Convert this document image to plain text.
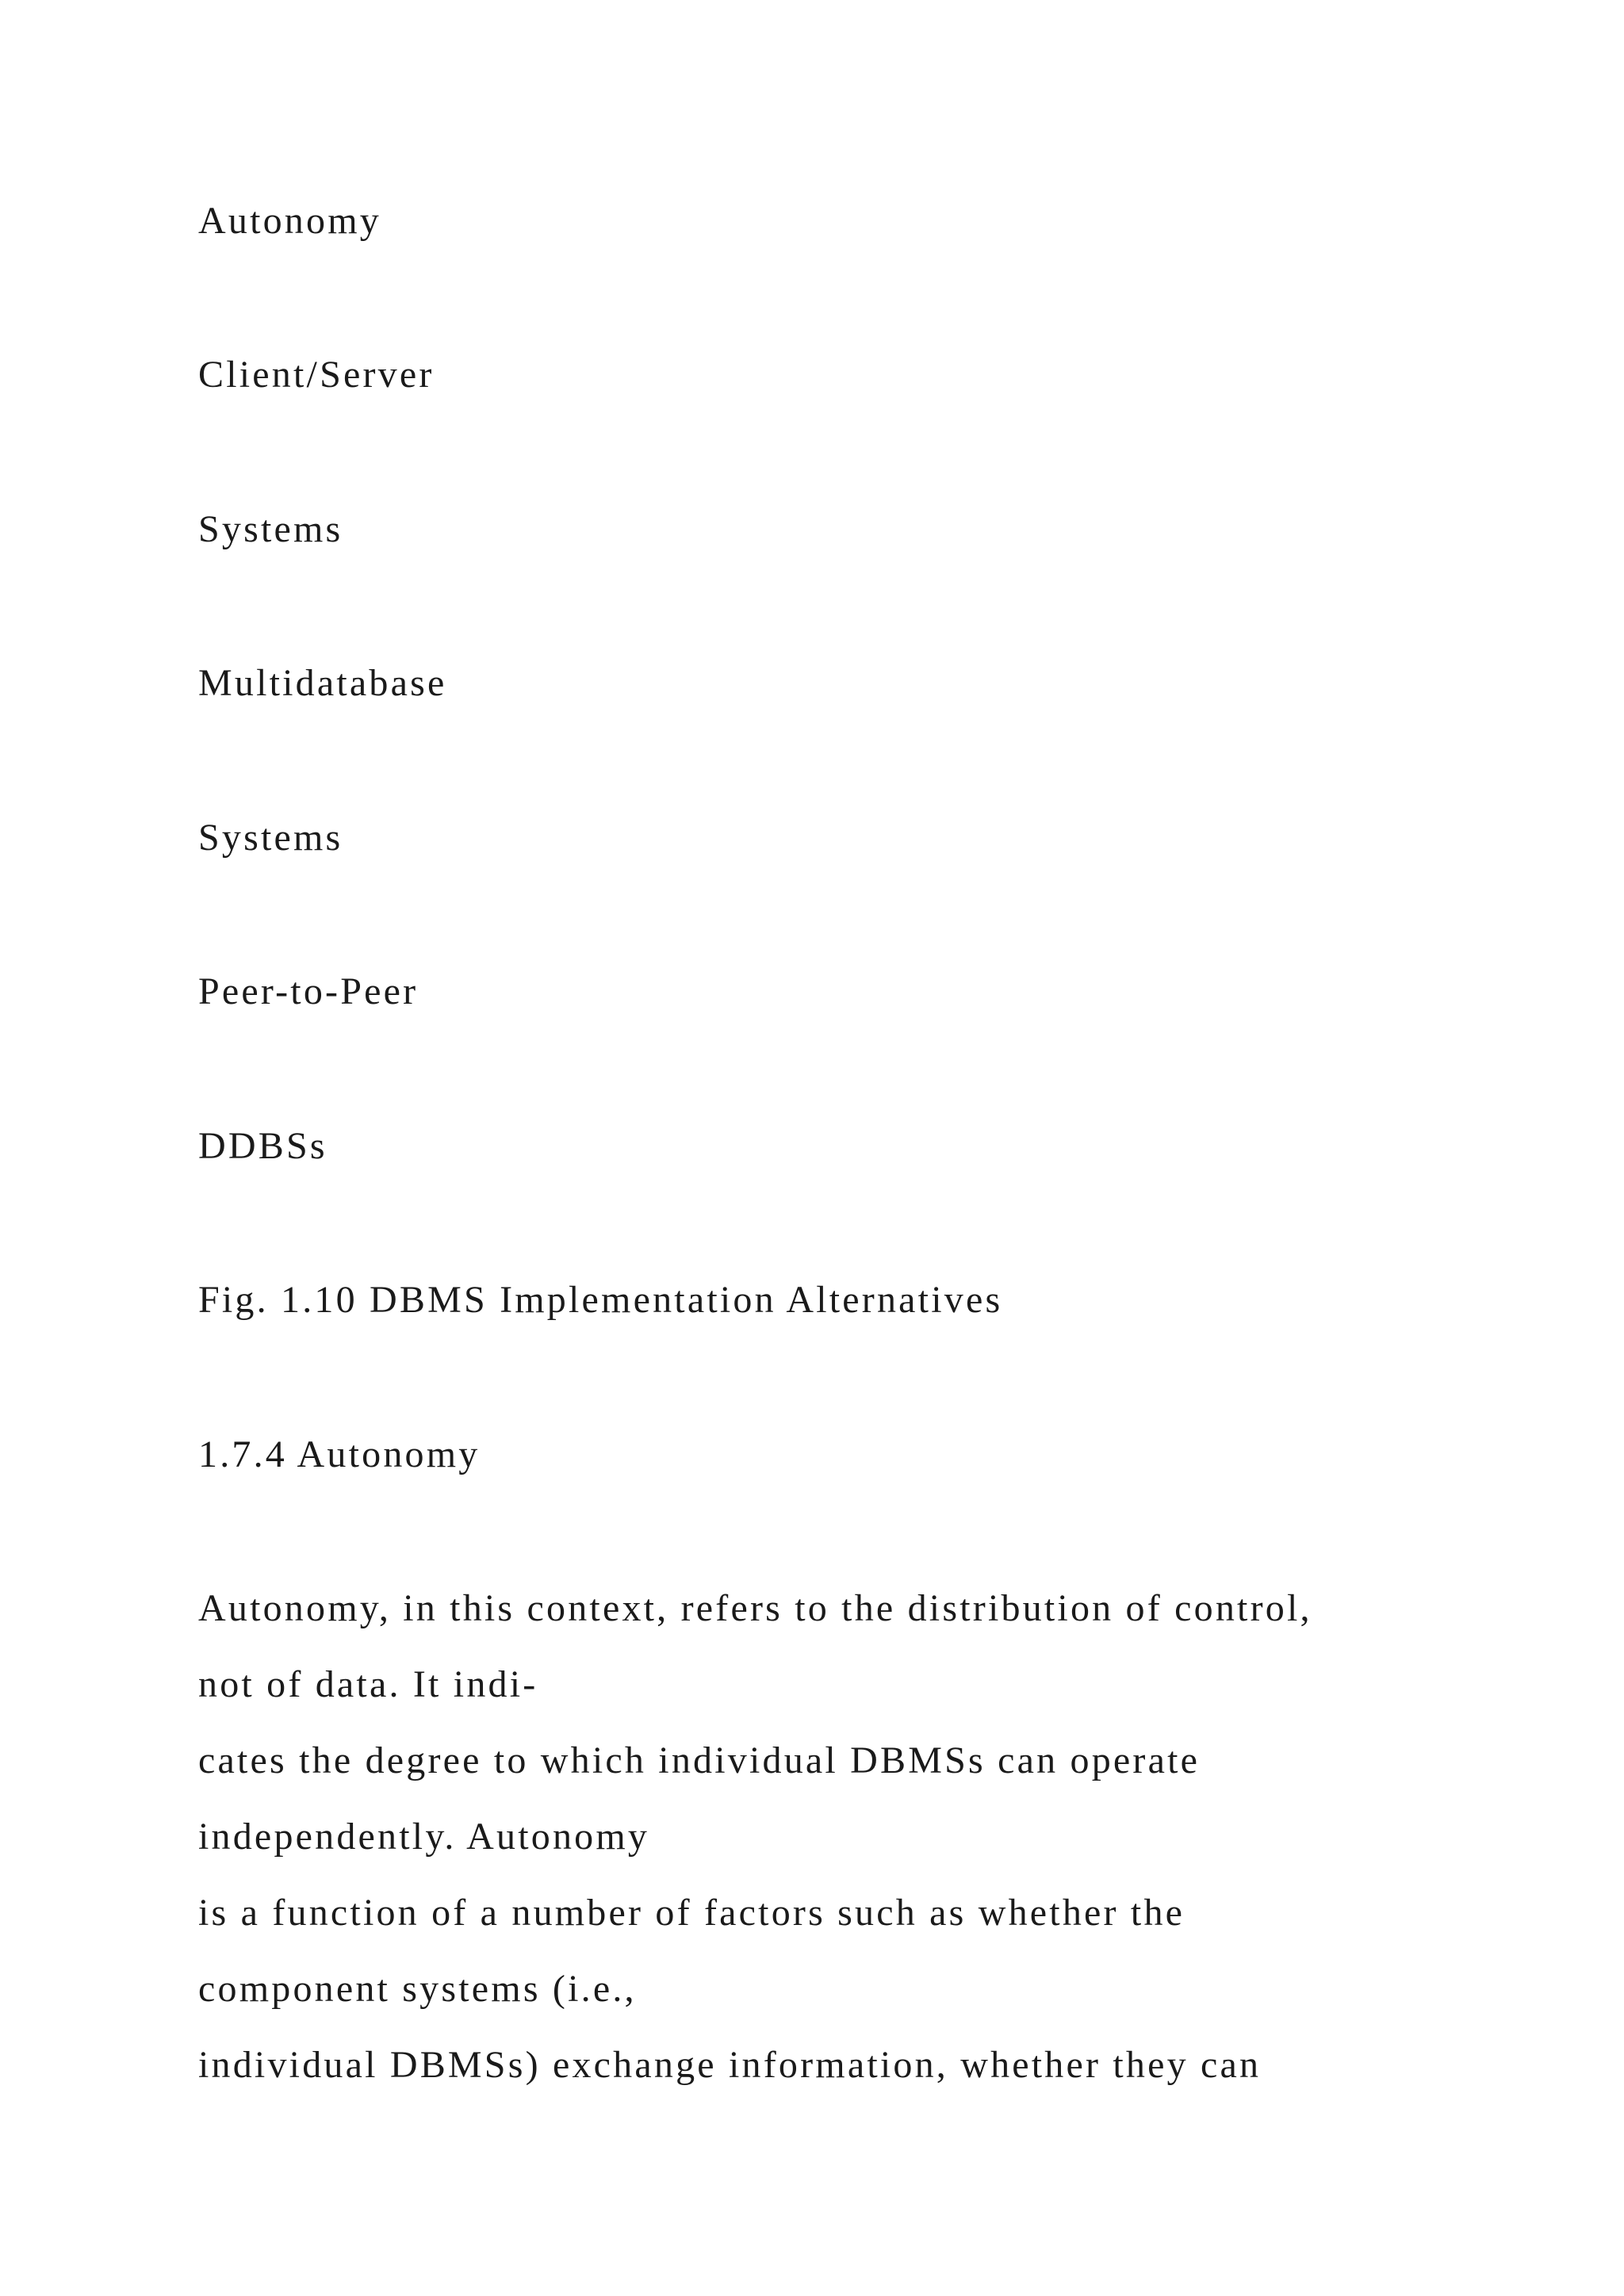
Autonomy
Client/Server
Systems
Multidatabase
Systems
Peer-to-Peer
DDBSs
Fig. 1.10 DBMS Implementation Alternatives
1.7.4 Autonomy
Autonomy, in this context, refers to the distribution of control,
not of data. It indi-
cates the degree to which individual DBMSs can operate
independently. Autonomy
is a function of a number of factors such as whether the
component systems (i.e.,
individual DBMSs) exchange information, whether they can
